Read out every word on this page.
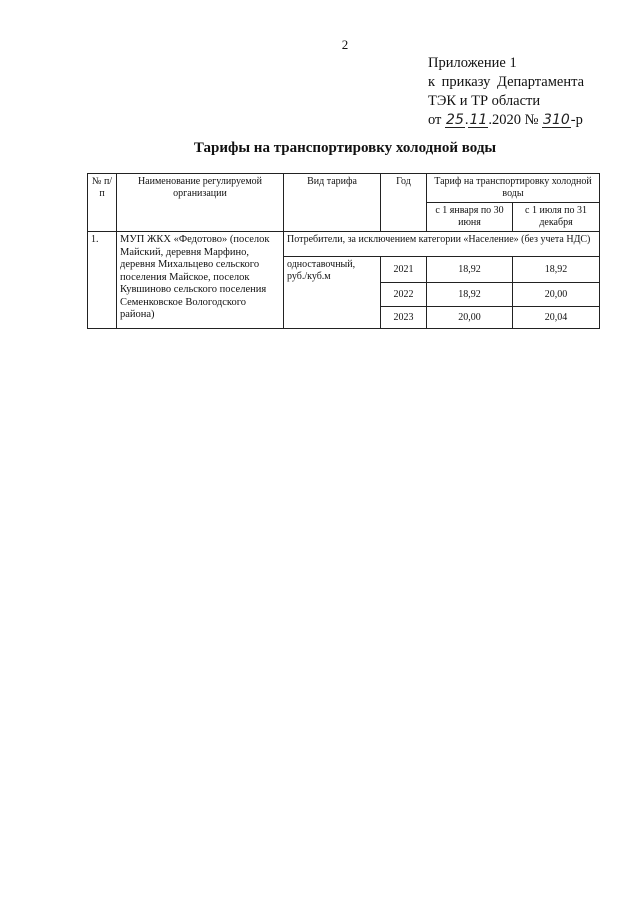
2
Приложение 1
к приказу Департамента
ТЭК и ТР области
от 25.11.2020 № 310-р
Тарифы на транспортировку холодной воды
№ п/п	Наименование регулируемой организации	Вид тарифа	Год	Тариф на транспортировку холодной воды	
				с 1 января по 30 июня	с 1 июля по 31 декабря
1.	МУП ЖКХ «Федотово» (поселок Майский, деревня Марфино, деревня Михальцево сельского поселения Майское, поселок Кувшиново сельского поселения Семенковское Вологодского района)	Потребители, за исключением категории «Население» (без учета НДС)			
		одноставочный, руб./куб.м	2021	18,92	18,92
			2022	18,92	20,00
			2023	20,00	20,04
